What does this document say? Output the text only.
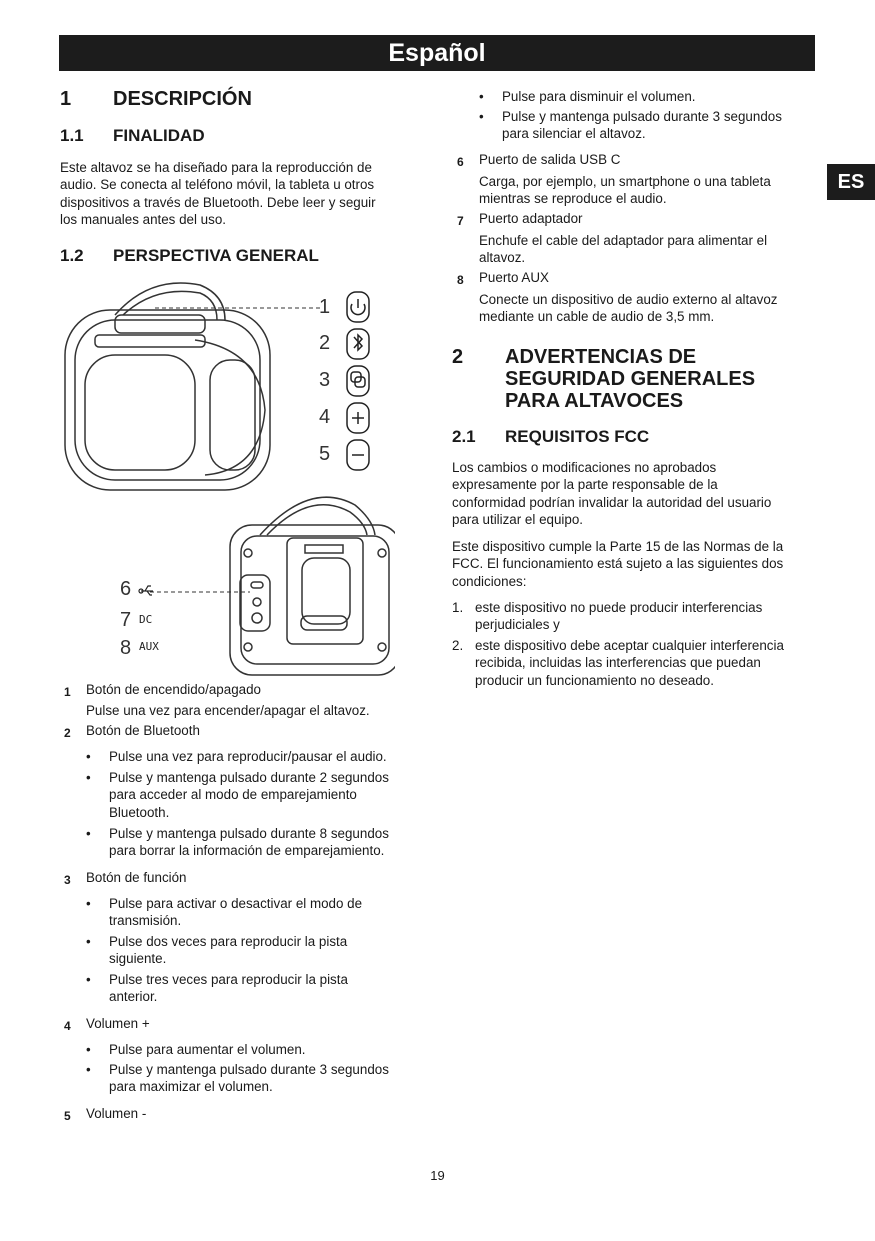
Español
ES
1 DESCRIPCIÓN
1.1 FINALIDAD
Este altavoz se ha diseñado para la reproducción de
audio. Se conecta al teléfono móvil, la tableta u otros
dispositivos a través de Bluetooth. Debe leer y seguir
los manuales antes del uso.
1.2 PERSPECTIVA GENERAL
DC
AUX
1
2
3
4
5
6
7
8
1 Botón de encendido/apagado
Pulse una vez para encender/apagar el altavoz.
2 Botón de Bluetooth
• Pulse una vez para reproducir/pausar el audio.
• Pulse y mantenga pulsado durante 2 segundos
para acceder al modo de emparejamiento
Bluetooth.
• Pulse y mantenga pulsado durante 8 segundos
para borrar la información de emparejamiento.
3 Botón de función
• Pulse para activar o desactivar el modo de
transmisión.
• Pulse dos veces para reproducir la pista
siguiente.
• Pulse tres veces para reproducir la pista
anterior.
4 Volumen +
• Pulse para aumentar el volumen.
• Pulse y mantenga pulsado durante 3 segundos
para maximizar el volumen.
5 Volumen -
• Pulse para disminuir el volumen.
• Pulse y mantenga pulsado durante 3 segundos
para silenciar el altavoz.
6 Puerto de salida USB C
Carga, por ejemplo, un smartphone o una tableta
mientras se reproduce el audio.
7 Puerto adaptador
Enchufe el cable del adaptador para alimentar el
altavoz.
8 Puerto AUX
Conecte un dispositivo de audio externo al altavoz
mediante un cable de audio de 3,5 mm.
2 ADVERTENCIAS DE
SEGURIDAD GENERALES
PARA ALTAVOCES
2.1 REQUISITOS FCC
Los cambios o modificaciones no aprobados
expresamente por la parte responsable de la
conformidad podrían invalidar la autoridad del usuario
para utilizar el equipo.
Este dispositivo cumple la Parte 15 de las Normas de la
FCC. El funcionamiento está sujeto a las siguientes dos
condiciones:
1. este dispositivo no puede producir interferencias
perjudiciales y
2. este dispositivo debe aceptar cualquier interferencia
recibida, incluidas las interferencias que puedan
producir un funcionamiento no deseado.
19
